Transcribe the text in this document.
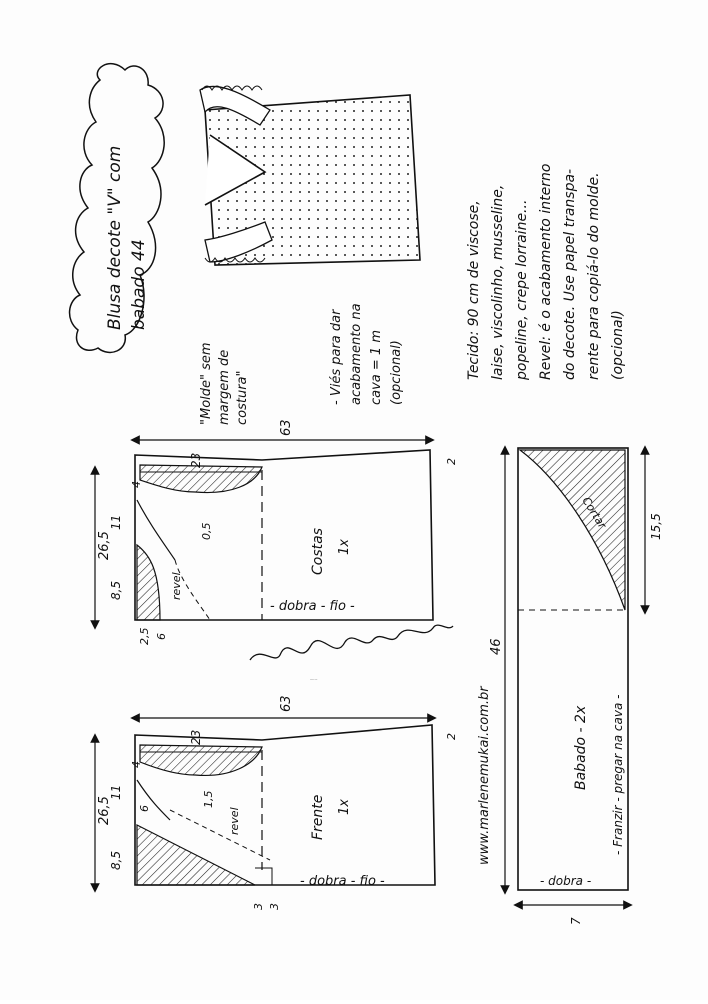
Blusa decote "V" com babado 44
"Molde" sem margem de costura"	- Viés para dar acabamento na cava = 1 m (opcional)	Tecido: 90 cm de viscose, laise, viscolinho, musseline, popeline, crepe lorraine... Revel: é o acabamento interno do decote. Use papel transpa- rente para copiá-lo do molde. (opcional)
63
23
26,5
11
8,5
2,5 6
4
0,5
2
revel
Costas 1x
- dobra - fio -
Marlene Mukai
63
23
26,5
11
8,5
3 3
6
4
1,5
2
revel	Frente 1x
- dobra - fio -
www.marlenemukai.com.br
46
15,5
7
Cortar
Babado - 2x - Franzir - pregar na cava -
- dobra -
